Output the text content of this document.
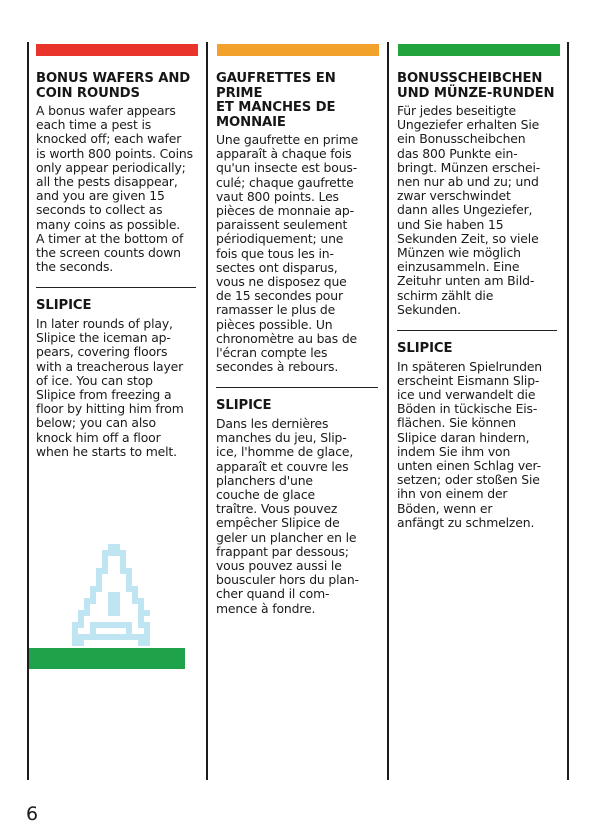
BONUS WAFERS AND
COIN ROUNDS
A bonus wafer appears
each time a pest is
knocked off; each wafer
is worth 800 points. Coins
only appear periodically;
all the pests disappear,
and you are given 15
seconds to collect as
many coins as possible.
A timer at the bottom of
the screen counts down
the seconds.
SLIPICE
In later rounds of play,
Slipice the iceman ap-
pears, covering floors
with a treacherous layer
of ice. You can stop
Slipice from freezing a
floor by hitting him from
below; you can also
knock him off a floor
when he starts to melt.
GAUFRETTES EN PRIME
ET MANCHES DE
MONNAIE
Une gaufrette en prime
apparaît à chaque fois
qu'un insecte est bous-
culé; chaque gaufrette
vaut 800 points. Les
pièces de monnaie ap-
paraissent seulement
périodiquement; une
fois que tous les in-
sectes ont disparus,
vous ne disposez que
de 15 secondes pour
ramasser le plus de
pièces possible. Un
chronomètre au bas de
l'écran compte les
secondes à rebours.
SLIPICE
Dans les dernières
manches du jeu, Slip-
ice, l'homme de glace,
apparaît et couvre les
planchers d'une
couche de glace
traître. Vous pouvez
empêcher Slipice de
geler un plancher en le
frappant par dessous;
vous pouvez aussi le
bousculer hors du plan-
cher quand il com-
mence à fondre.
BONUSSCHEIBCHEN
UND MÜNZE-RUNDEN
Für jedes beseitigte
Ungeziefer erhalten Sie
ein Bonusscheibchen
das 800 Punkte ein-
bringt. Münzen erschei-
nen nur ab und zu; und
zwar verschwindet
dann alles Ungeziefer,
und Sie haben 15
Sekunden Zeit, so viele
Münzen wie möglich
einzusammeln. Eine
Zeituhr unten am Bild-
schirm zählt die
Sekunden.
SLIPICE
In späteren Spielrunden
erscheint Eismann Slip-
ice und verwandelt die
Böden in tückische Eis-
flächen. Sie können
Slipice daran hindern,
indem Sie ihm von
unten einen Schlag ver-
setzen; oder stoßen Sie
ihn von einem der
Böden, wenn er
anfängt zu schmelzen.
6
